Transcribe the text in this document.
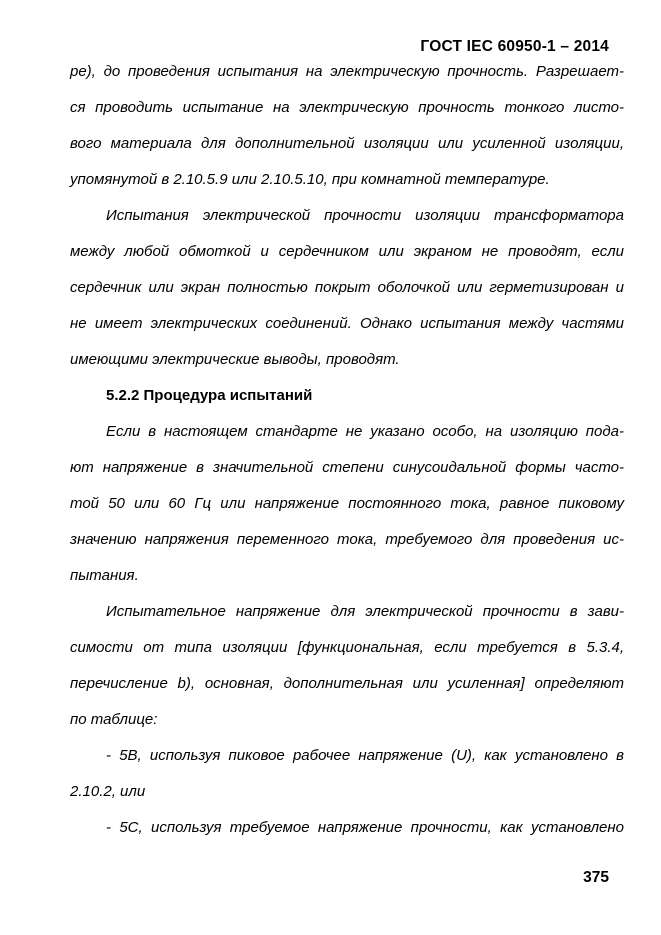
ГОСТ IEC 60950-1 – 2014
ре), до проведения испытания на электрическую прочность. Разрешает-
ся проводить испытание на электрическую прочность тонкого листо-
вого материала для дополнительной изоляции или усиленной изоляции,
упомянутой в 2.10.5.9 или 2.10.5.10, при комнатной температуре.
Испытания электрической прочности изоляции трансформатора
между любой обмоткой и сердечником или экраном не проводят, если
сердечник или экран полностью покрыт оболочкой или герметизирован и
не имеет электрических соединений. Однако испытания между частями
имеющими электрические выводы, проводят.
5.2.2 Процедура испытаний
Если в настоящем стандарте не указано особо, на изоляцию пода-
ют напряжение в значительной степени синусоидальной формы часто-
той 50 или 60 Гц или напряжение постоянного тока, равное пиковому
значению напряжения переменного тока, требуемого для проведения ис-
пытания.
Испытательное напряжение для электрической прочности в зави-
симости от типа изоляции [функциональная, если требуется в 5.3.4,
перечисление b), основная, дополнительная или усиленная] определяют
по таблице:
- 5B, используя пиковое рабочее напряжение (U), как установлено в
2.10.2, или
- 5C, используя требуемое напряжение прочности, как установлено
375
